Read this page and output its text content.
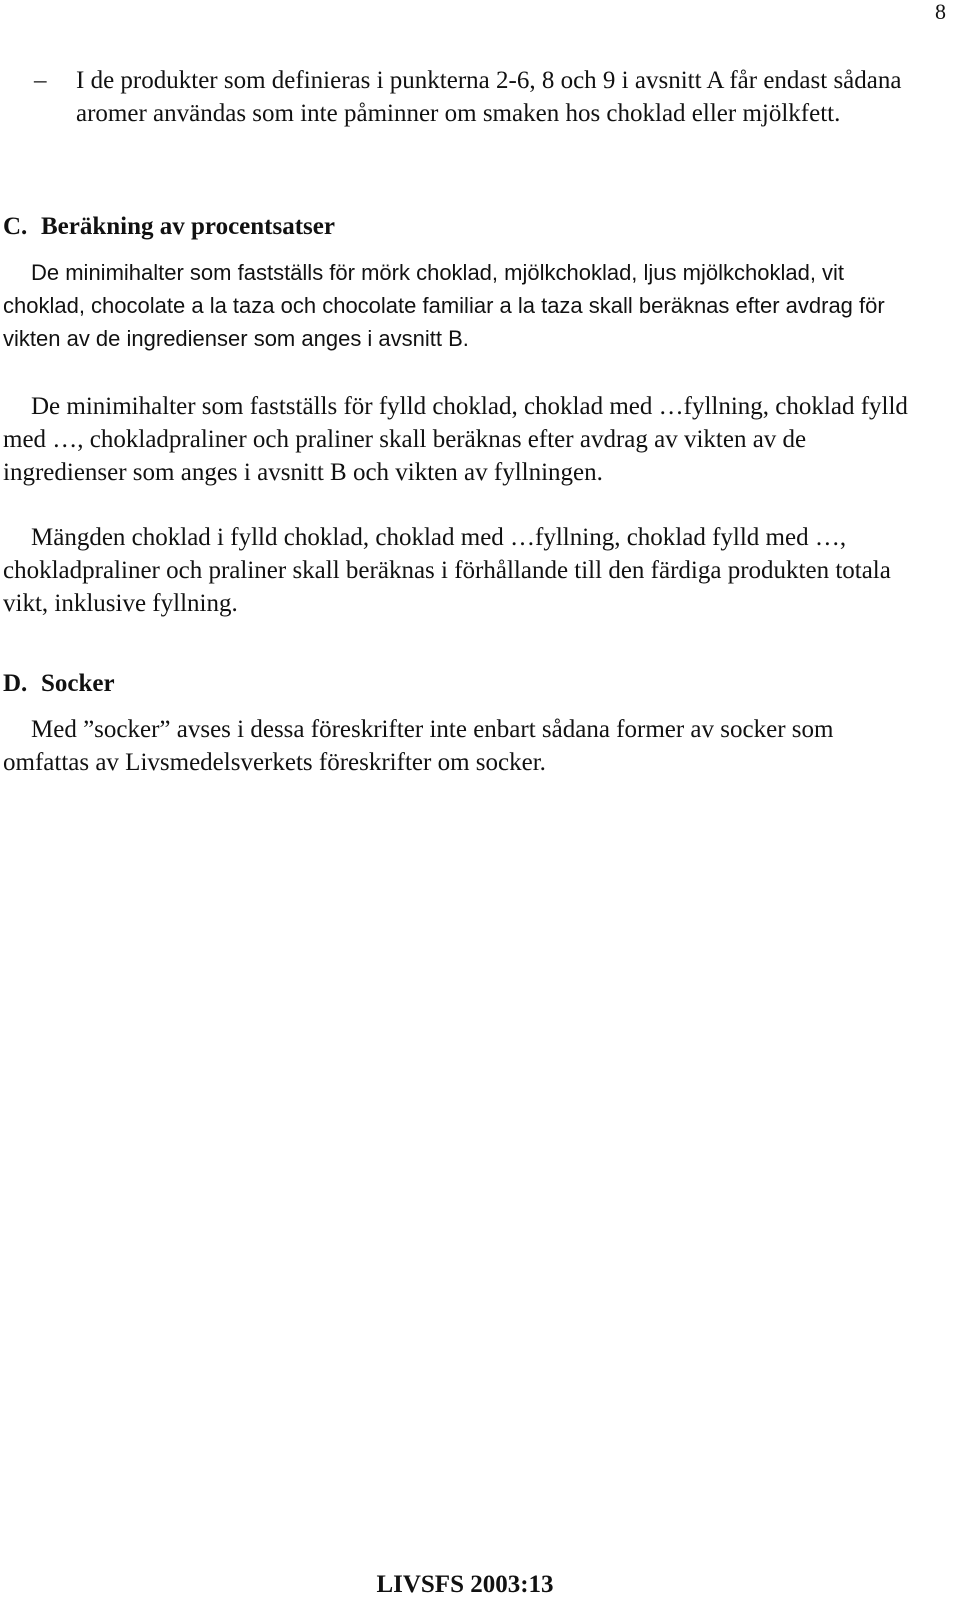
8
– I de produkter som definieras i punkterna 2-6, 8 och 9 i avsnitt A får endast sådana aromer användas som inte påminner om smaken hos choklad eller mjölkfett.
C. Beräkning av procentsatser

De minimihalter som fastställs för mörk choklad, mjölkchoklad, ljus mjölkchoklad, vit choklad, chocolate a la taza och chocolate familiar a la taza skall beräknas efter avdrag för vikten av de ingredienser som anges i avsnitt B.

De minimihalter som fastställs för fylld choklad, choklad med …fyllning, choklad fylld med …, chokladpraliner och praliner skall beräknas efter avdrag av vikten av de ingredienser som anges i avsnitt B och vikten av fyllningen.

Mängden choklad i fylld choklad, choklad med …fyllning, choklad fylld med …, chokladpraliner och praliner skall beräknas i förhållande till den färdiga produkten totala vikt, inklusive fyllning.

D. Socker

Med ”socker” avses i dessa föreskrifter inte enbart sådana former av socker som omfattas av Livsmedelsverkets föreskrifter om socker.

LIVSFS 2003:13
